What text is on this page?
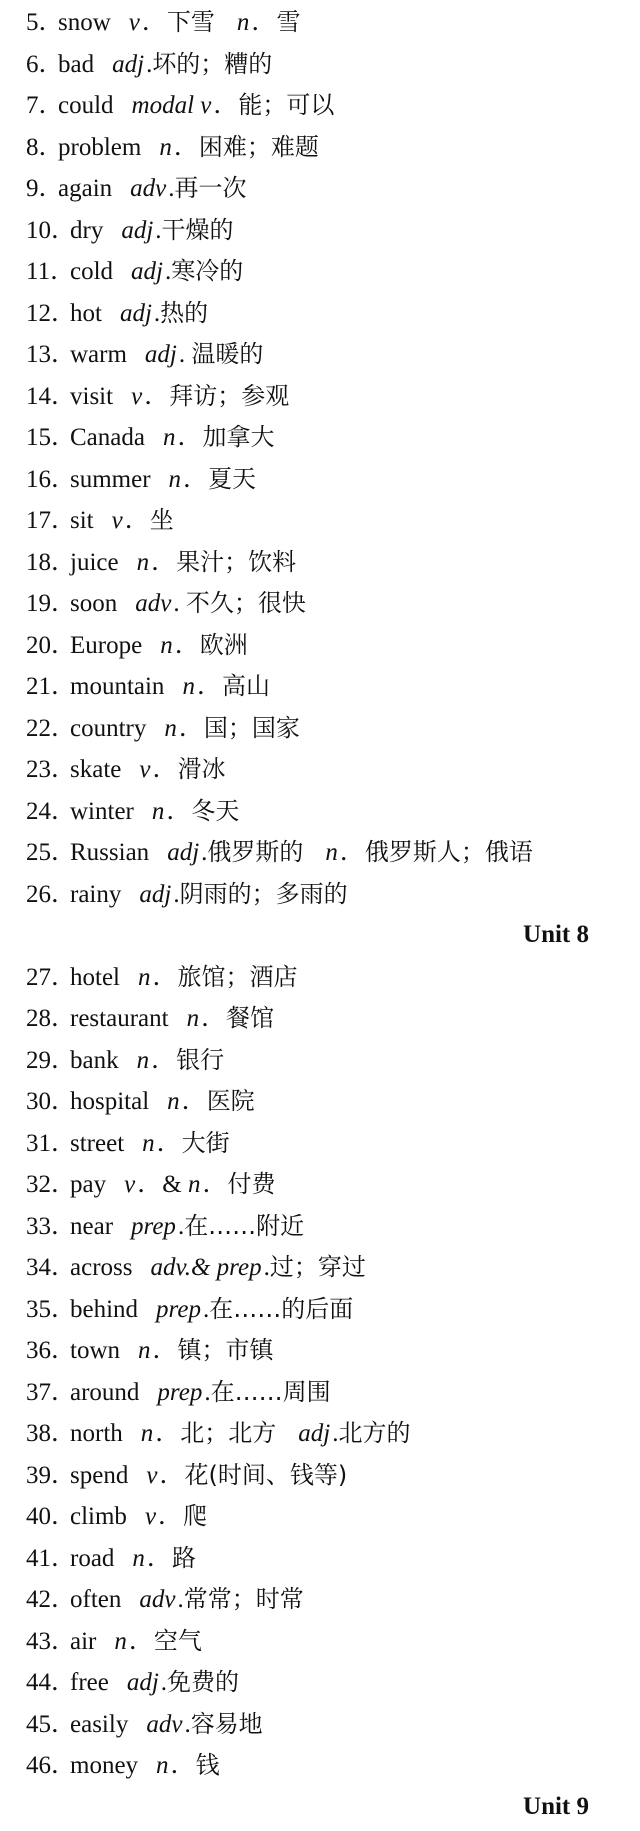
5．snow v．下雪 n．雪
6．bad adj.坏的；糟的
7．could modal v．能；可以
8．problem n．困难；难题
9．again adv.再一次
10．dry adj.干燥的
11．cold adj.寒冷的
12．hot adj.热的
13．warm adj. 温暖的
14．visit v．拜访；参观
15．Canada n．加拿大
16．summer n．夏天
17．sit v．坐
18．juice n．果汁；饮料
19．soon adv. 不久；很快
20．Europe n．欧洲
21．mountain n．高山
22．country n．国；国家
23．skate v．滑冰
24．winter n．冬天
25．Russian adj.俄罗斯的 n．俄罗斯人；俄语
26．rainy adj.阴雨的；多雨的
Unit 8
27．hotel n．旅馆；酒店
28．restaurant n．餐馆
29．bank n．银行
30．hospital n．医院
31．street n．大街
32．pay v．& n．付费
33．near prep.在……附近
34．across adv.& prep.过；穿过
35．behind prep.在……的后面
36．town n．镇；市镇
37．around prep.在……周围
38．north n．北；北方 adj.北方的
39．spend v．花(时间、钱等)
40．climb v．爬
41．road n．路
42．often adv.常常；时常
43．air n．空气
44．free adj.免费的
45．easily adv.容易地
46．money n．钱
Unit 9
